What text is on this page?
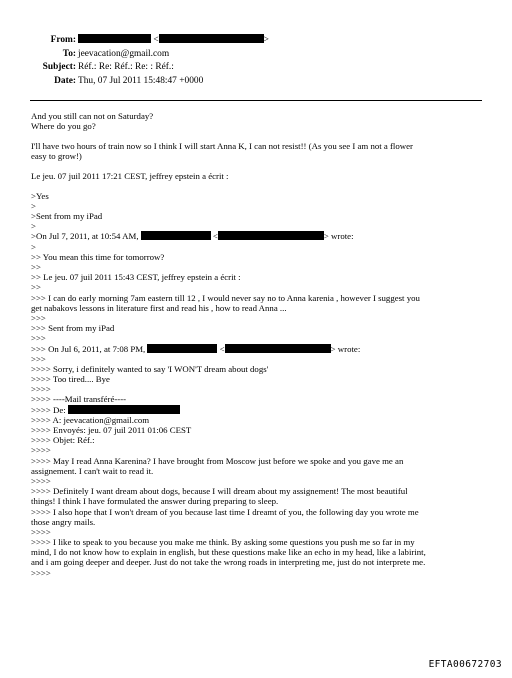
From:	<	>
To: jeevacation@gmail.com
Subject: Réf.: Re: Réf.: Re: : Réf.:
Date: Thu, 07 Jul 2011 15:48:47 +0000
And you still can not on Saturday?
Where do you go?
I'll have two hours of train now so I think I will start Anna K, I can not resist!! (As you see I am not a flower
easy to grow!)
Le jeu. 07 juil 2011 17:21 CEST, jeffrey epstein a écrit :
>Yes
>
>Sent from my iPad
>
>On Jul 7, 2011, at 10:54 AM,	<	> wrote:
>
>> You mean this time for tomorrow?
>>
>> Le jeu. 07 juil 2011 15:43 CEST, jeffrey epstein a écrit :
>>
>>> I can do early morning 7am eastern till 12 , I would never say no to Anna karenia , however I suggest you
get nabakovs lessons in literature first and read his , how to read Anna ...
>>>
>>> Sent from my iPad
>>>
>>> On Jul 6, 2011, at 7:08 PM,	<	> wrote:
>>>
>>>> Sorry, i definitely wanted to say 'I WON'T dream about dogs'
>>>> Too tired.... Bye
>>>>
>>>> ----Mail transféré----
>>>> De:
>>>> A: jeevacation@gmail.com
>>>> Envoyés: jeu. 07 juil 2011 01:06 CEST
>>>> Objet: Réf.:
>>>>
>>>> May I read Anna Karenina? I have brought from Moscow just before we spoke and you gave me an
assignement. I can't wait to read it.
>>>>
>>>> Definitely I want dream about dogs, because I will dream about my assignement! The most beautiful
things! I think I have formulated the answer during preparing to sleep.
>>>> I also hope that I won't dream of you because last time I dreamt of you, the following day you wrote me
those angry mails.
>>>>
>>>> I like to speak to you because you make me think. By asking some questions you push me so far in my
mind, I do not know how to explain in english, but these questions make like an echo in my head, like a labirint,
and i am going deeper and deeper. Just do not take the wrong roads in interpreting me, just do not interprete me.
>>>>
EFTA00672703
